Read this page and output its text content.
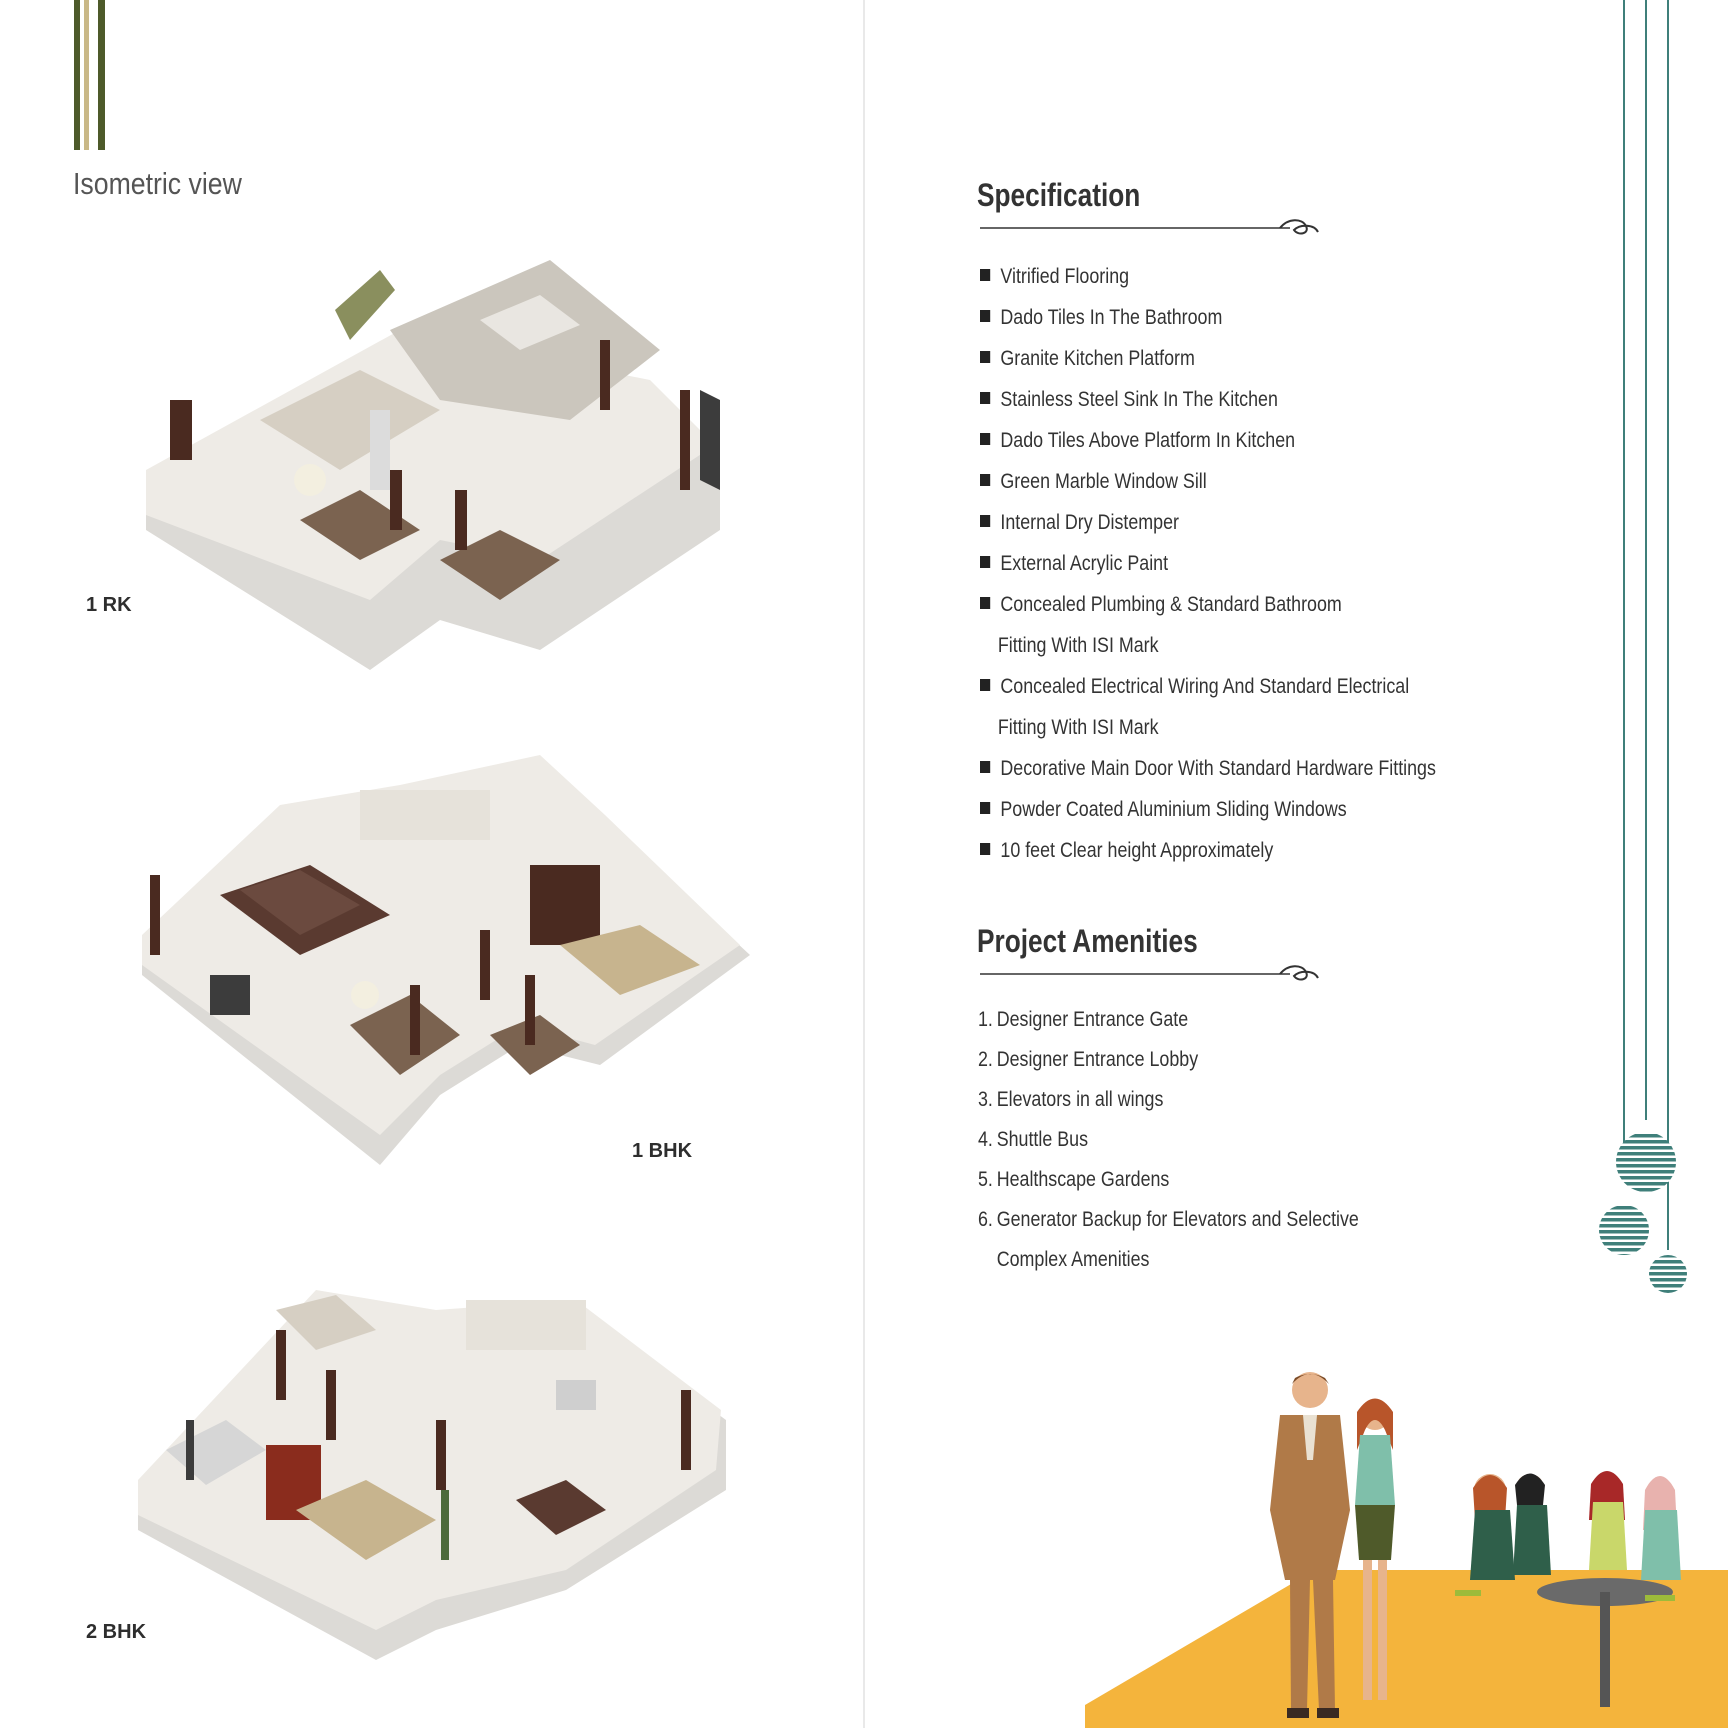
Isometric view
1 RK
1 BHK
2 BHK
Specification
Vitrified Flooring
Dado Tiles In The Bathroom
Granite Kitchen Platform
Stainless Steel Sink In The Kitchen
Dado Tiles Above Platform In Kitchen
Green Marble Window Sill
Internal Dry Distemper
External Acrylic Paint
Concealed Plumbing & Standard Bathroom
Fitting With ISI Mark
Concealed Electrical Wiring And Standard Electrical
Fitting With ISI Mark
Decorative Main Door With Standard Hardware Fittings
Powder Coated Aluminium Sliding Windows
10 feet Clear height Approximately
Project Amenities
1. Designer Entrance Gate
2. Designer Entrance Lobby
3. Elevators in all wings
4. Shuttle Bus
5. Healthscape Gardens
6. Generator Backup for Elevators and Selective
Complex Amenities
